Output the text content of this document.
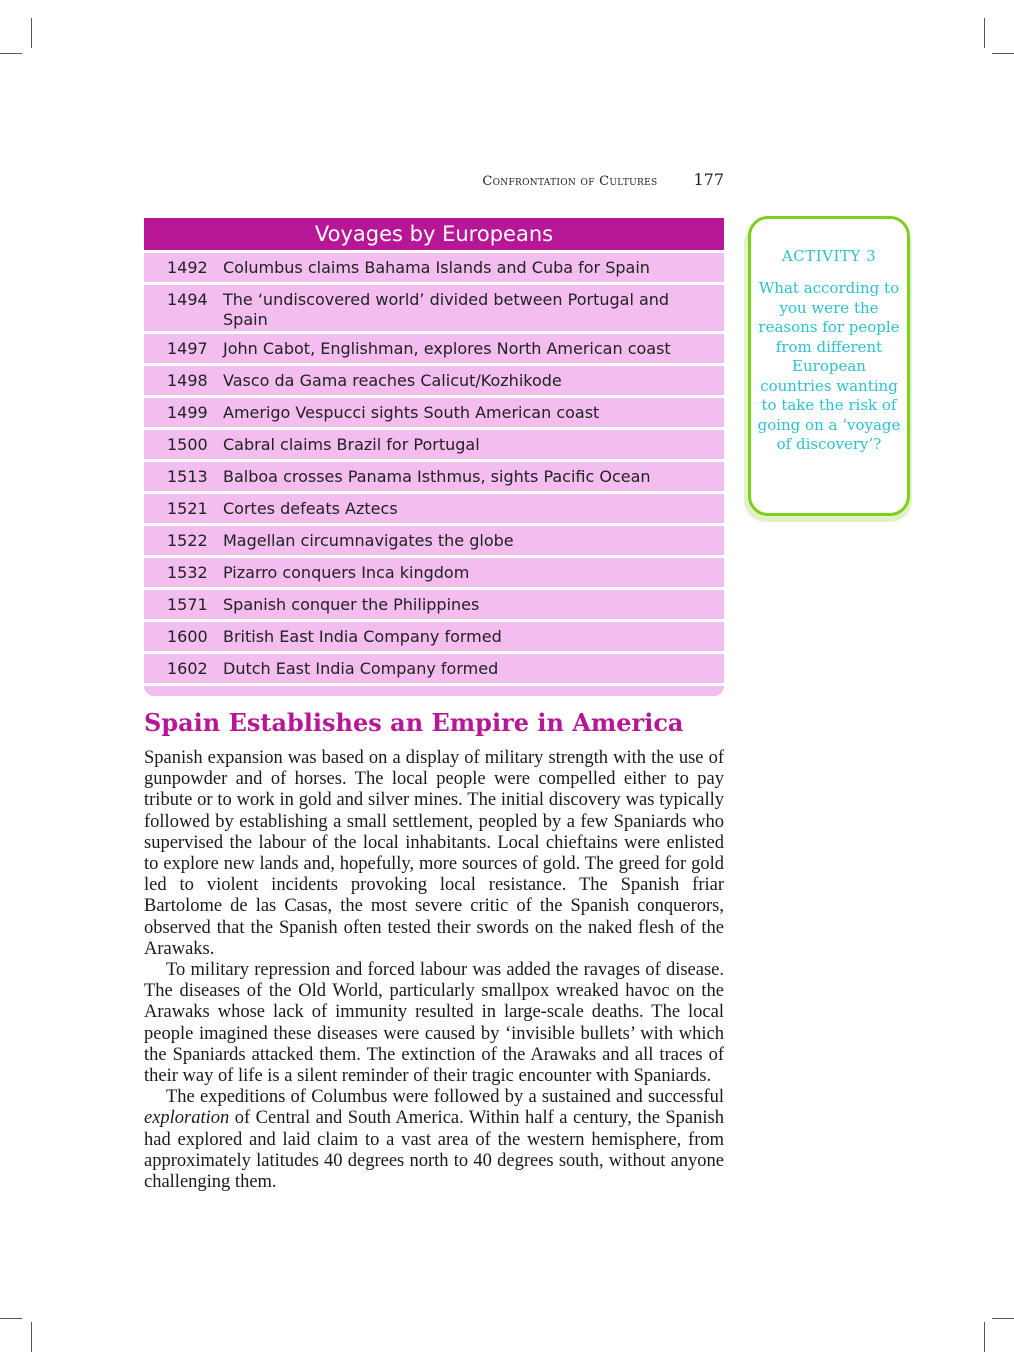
Confrontation of Cultures 177
Voyages by Europeans
1492 Columbus claims Bahama Islands and Cuba for Spain
1494 The ‘undiscovered world’ divided between Portugal and Spain
1497 John Cabot, Englishman, explores North American coast
1498 Vasco da Gama reaches Calicut/Kozhikode
1499 Amerigo Vespucci sights South American coast
1500 Cabral claims Brazil for Portugal
1513 Balboa crosses Panama Isthmus, sights Pacific Ocean
1521 Cortes defeats Aztecs
1522 Magellan circumnavigates the globe
1532 Pizarro conquers Inca kingdom
1571 Spanish conquer the Philippines
1600 British East India Company formed
1602 Dutch East India Company formed
ACTIVITY 3
What according to you were the reasons for people from different European countries wanting to take the risk of going on a ‘voyage of discovery’?
Spain Establishes an Empire in America

Spanish expansion was based on a display of military strength with the use of gunpowder and of horses. The local people were compelled either to pay tribute or to work in gold and silver mines. The initial discovery was typically followed by establishing a small settlement, peopled by a few Spaniards who supervised the labour of the local inhabitants. Local chieftains were enlisted to explore new lands and, hopefully, more sources of gold. The greed for gold led to violent incidents provoking local resistance. The Spanish friar Bartolome de las Casas, the most severe critic of the Spanish conquerors, observed that the Spanish often tested their swords on the naked flesh of the Arawaks.

To military repression and forced labour was added the ravages of disease. The diseases of the Old World, particularly smallpox wreaked havoc on the Arawaks whose lack of immunity resulted in large-scale deaths. The local people imagined these diseases were caused by ‘invisible bullets’ with which the Spaniards attacked them. The extinction of the Arawaks and all traces of their way of life is a silent reminder of their tragic encounter with Spaniards.

The expeditions of Columbus were followed by a sustained and successful exploration of Central and South America. Within half a century, the Spanish had explored and laid claim to a vast area of the western hemisphere, from approximately latitudes 40 degrees north to 40 degrees south, without anyone challenging them.
